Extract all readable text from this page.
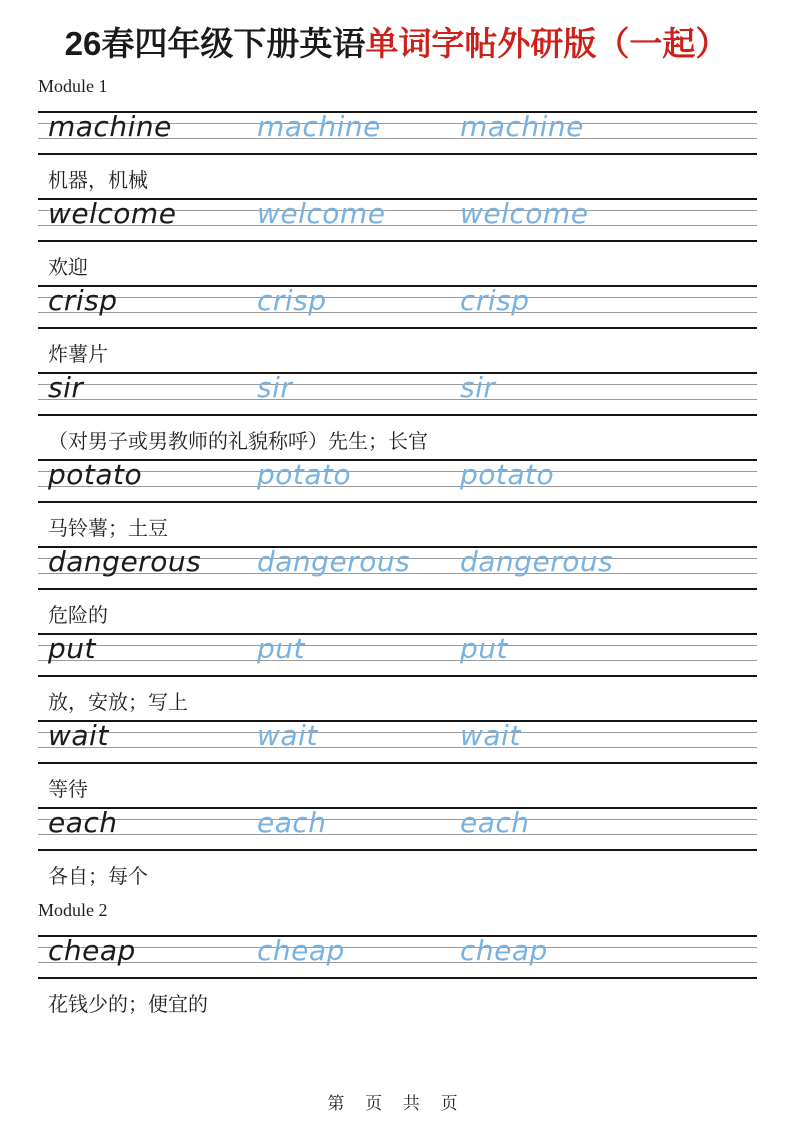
26春四年级下册英语单词字帖外研版（一起）
Module 1
machine	machine	machine
机器，机械
welcome	welcome	welcome
欢迎
crisp	crisp	crisp
炸薯片
sir	sir	sir
（对男子或男教师的礼貌称呼）先生；长官
potato	potato	potato
马铃薯；土豆
dangerous dangerous dangerous
危险的
put	put	put
放，安放；写上
wait	wait	wait
等待
each	each	each
各自；每个
Module 2
cheap	cheap	cheap
花钱少的；便宜的
第 页 共 页
